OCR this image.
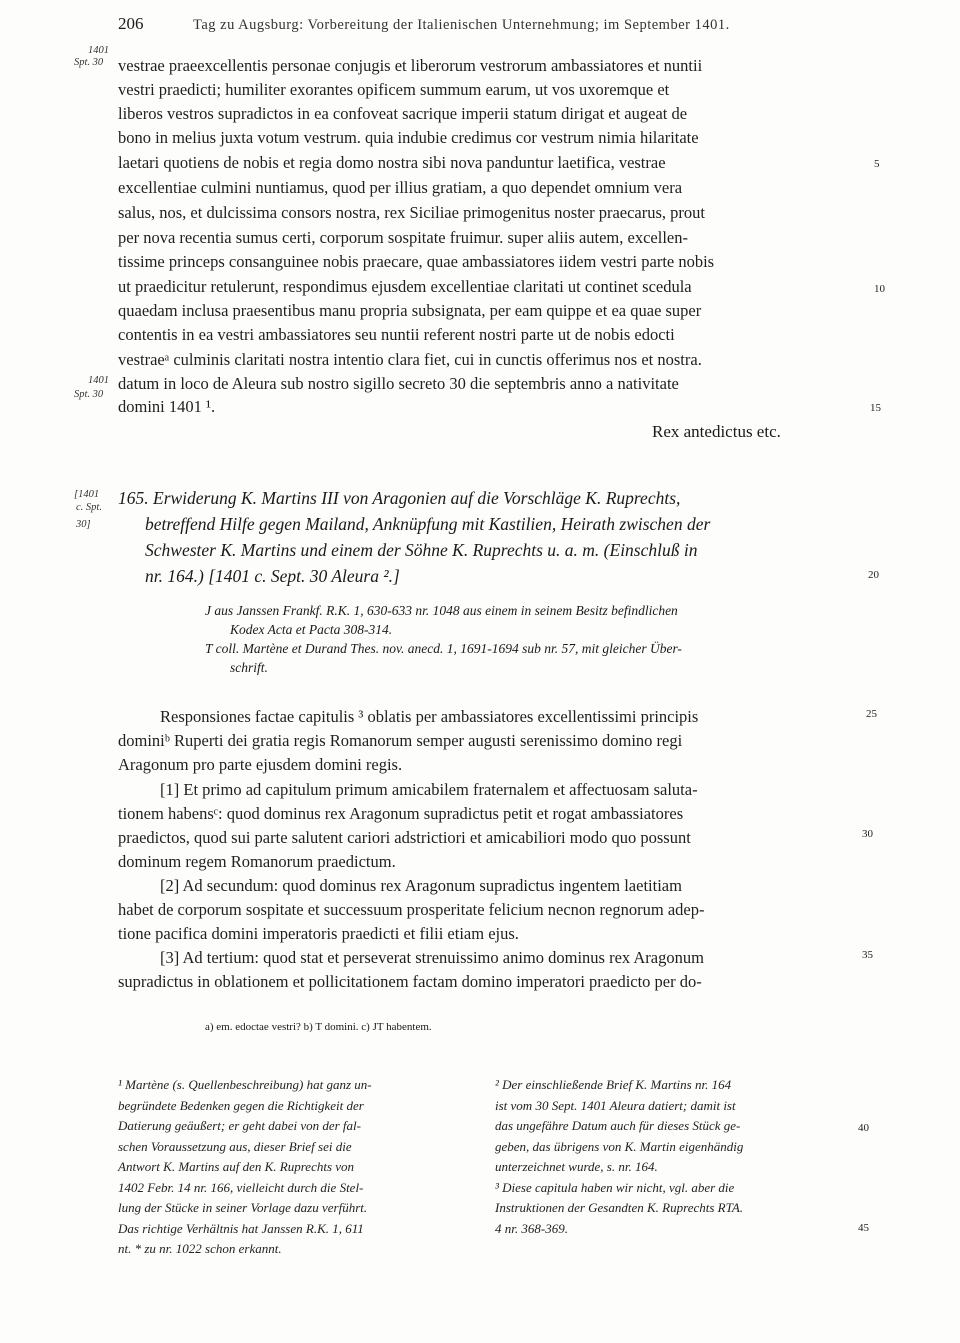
206	Tag zu Augsburg: Vorbereitung der Italienischen Unternehmung; im September 1401.
1401
Spt. 30
1401
Spt. 30
[1401
c. Spt.
30]
5
10
15
20
25
30
35
40
45
vestrae praeexcellentis personae conjugis et liberorum vestrorum ambassiatores et nuntii
vestri praedicti; humiliter exorantes opificem summum earum, ut vos uxoremque et
liberos vestros supradictos in ea confoveat sacrique imperii statum dirigat et augeat de
bono in melius juxta votum vestrum. quia indubie credimus cor vestrum nimia hilaritate
laetari quotiens de nobis et regia domo nostra sibi nova panduntur laetifica, vestrae
excellentiae culmini nuntiamus, quod per illius gratiam, a quo dependet omnium vera
salus, nos, et dulcissima consors nostra, rex Siciliae primogenitus noster praecarus, prout
per nova recentia sumus certi, corporum sospitate fruimur. super aliis autem, excellen-
tissime princeps consanguinee nobis praecare, quae ambassiatores iidem vestri parte nobis
ut praedicitur retulerunt, respondimus ejusdem excellentiae claritati ut continet scedula
quaedam inclusa praesentibus manu propria subsignata, per eam quippe et ea quae super
contentis in ea vestri ambassiatores seu nuntii referent nostri parte ut de nobis edocti
vestraeᵃ culminis claritati nostra intentio clara fiet, cui in cunctis offerimus nos et nostra.
datum in loco de Aleura sub nostro sigillo secreto 30 die septembris anno a nativitate
domini 1401 ¹.
Rex antedictus etc.
165. Erwiderung K. Martins III von Aragonien auf die Vorschläge K. Ruprechts,
betreffend Hilfe gegen Mailand, Anknüpfung mit Kastilien, Heirath zwischen der
Schwester K. Martins und einem der Söhne K. Ruprechts u. a. m. (Einschluß in
nr. 164.) [1401 c. Sept. 30 Aleura ².]
J aus Janssen Frankf. R.K. 1, 630-633 nr. 1048 aus einem in seinem Besitz befindlichen
Kodex Acta et Pacta 308-314.
T coll. Martène et Durand Thes. nov. anecd. 1, 1691-1694 sub nr. 57, mit gleicher Über-
schrift.
Responsiones factae capitulis ³ oblatis per ambassiatores excellentissimi principis
dominiᵇ Ruperti dei gratia regis Romanorum semper augusti serenissimo domino regi
Aragonum pro parte ejusdem domini regis.
[1] Et primo ad capitulum primum amicabilem fraternalem et affectuosam saluta-
tionem habensᶜ: quod dominus rex Aragonum supradictus petit et rogat ambassiatores
praedictos, quod sui parte salutent cariori adstrictiori et amicabiliori modo quo possunt
dominum regem Romanorum praedictum.
[2] Ad secundum: quod dominus rex Aragonum supradictus ingentem laetitiam
habet de corporum sospitate et successuum prosperitate felicium necnon regnorum adep-
tione pacifica domini imperatoris praedicti et filii etiam ejus.
[3] Ad tertium: quod stat et perseverat strenuissimo animo dominus rex Aragonum
supradictus in oblationem et pollicitationem factam domino imperatori praedicto per do-
a) em. edoctae vestri? b) T domini. c) JT habentem.
¹ Martène (s. Quellenbeschreibung) hat ganz un-
begründete Bedenken gegen die Richtigkeit der
Datierung geäußert; er geht dabei von der fal-
schen Voraussetzung aus, dieser Brief sei die
Antwort K. Martins auf den K. Ruprechts von
1402 Febr. 14 nr. 166, vielleicht durch die Stel-
lung der Stücke in seiner Vorlage dazu verführt.
Das richtige Verhältnis hat Janssen R.K. 1, 611
nt. * zu nr. 1022 schon erkannt.
² Der einschließende Brief K. Martins nr. 164
ist vom 30 Sept. 1401 Aleura datiert; damit ist
das ungefähre Datum auch für dieses Stück ge-
geben, das übrigens von K. Martin eigenhändig
unterzeichnet wurde, s. nr. 164.
³ Diese capitula haben wir nicht, vgl. aber die
Instruktionen der Gesandten K. Ruprechts RTA.
4 nr. 368-369.
